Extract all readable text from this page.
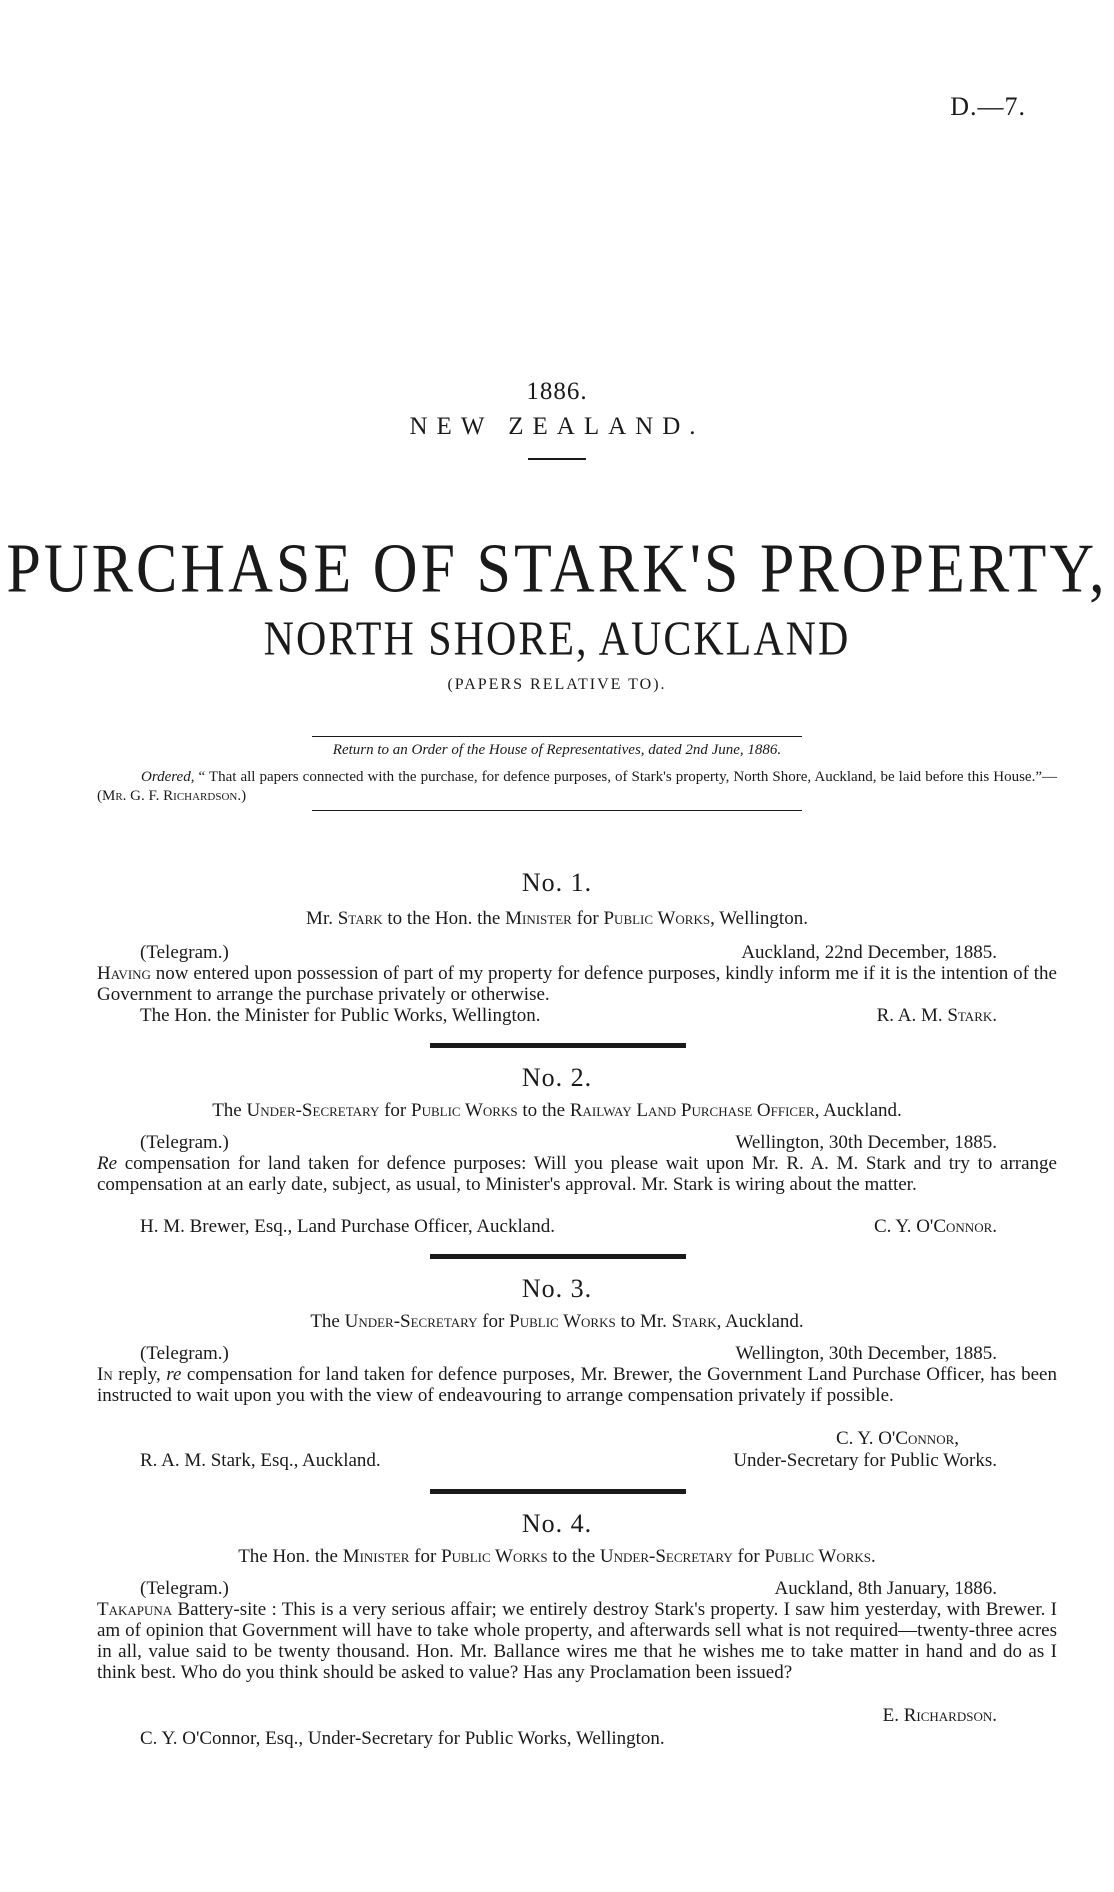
D.—7.
1886.
NEW ZEALAND.
PURCHASE OF STARK'S PROPERTY,
NORTH SHORE, AUCKLAND
(PAPERS RELATIVE TO).
Return to an Order of the House of Representatives, dated 2nd June, 1886.
Ordered, “ That all papers connected with the purchase, for defence purposes, of Stark's property, North Shore, Auckland, be laid before this House.”—(Mr. G. F. Richardson.)
No. 1.
Mr. Stark to the Hon. the Minister for Public Works, Wellington.
(Telegram.)	Auckland, 22nd December, 1885.
Having now entered upon possession of part of my property for defence purposes, kindly inform me if it is the intention of the Government to arrange the purchase privately or otherwise.
The Hon. the Minister for Public Works, Wellington.	R. A. M. Stark.
No. 2.
The Under-Secretary for Public Works to the Railway Land Purchase Officer, Auckland.
(Telegram.)	Wellington, 30th December, 1885.
Re compensation for land taken for defence purposes: Will you please wait upon Mr. R. A. M. Stark and try to arrange compensation at an early date, subject, as usual, to Minister's approval. Mr. Stark is wiring about the matter.
H. M. Brewer, Esq., Land Purchase Officer, Auckland.	C. Y. O'Connor.
No. 3.
The Under-Secretary for Public Works to Mr. Stark, Auckland.
(Telegram.)	Wellington, 30th December, 1885.
In reply, re compensation for land taken for defence purposes, Mr. Brewer, the Government Land Purchase Officer, has been instructed to wait upon you with the view of endeavouring to arrange compensation privately if possible.
C. Y. O'Connor,
Under-Secretary for Public Works.
R. A. M. Stark, Esq., Auckland.
No. 4.
The Hon. the Minister for Public Works to the Under-Secretary for Public Works.
(Telegram.)	Auckland, 8th January, 1886.
Takapuna Battery-site : This is a very serious affair; we entirely destroy Stark's property. I saw him yesterday, with Brewer. I am of opinion that Government will have to take whole property, and afterwards sell what is not required—twenty-three acres in all, value said to be twenty thousand. Hon. Mr. Ballance wires me that he wishes me to take matter in hand and do as I think best. Who do you think should be asked to value? Has any Proclamation been issued?
E. Richardson.
C. Y. O'Connor, Esq., Under-Secretary for Public Works, Wellington.
